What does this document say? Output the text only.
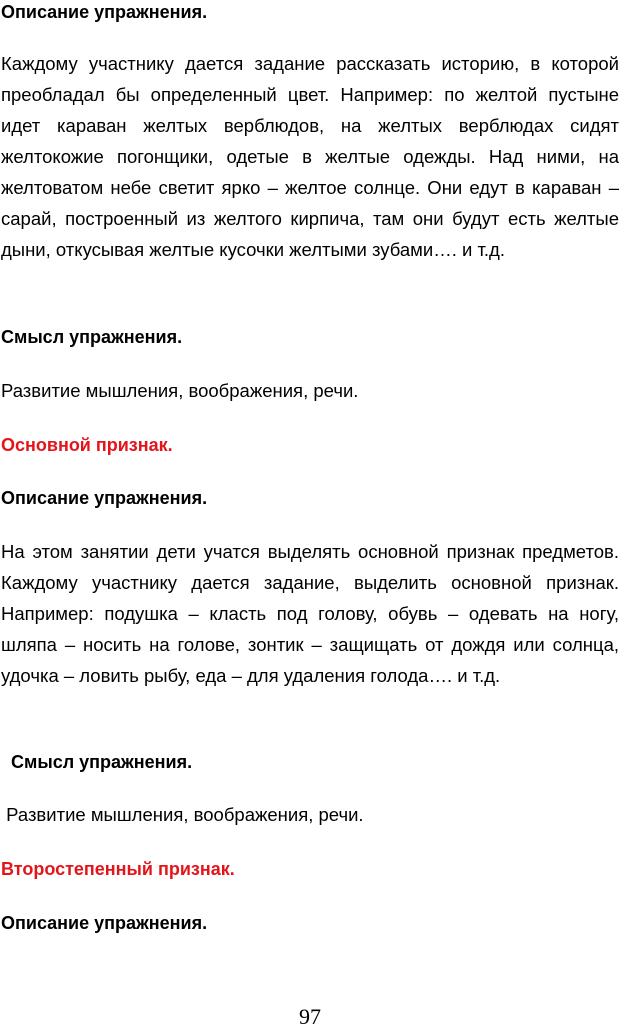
Описание упражнения.

Каждому участнику дается задание рассказать историю, в которой преобладал бы определенный цвет. Например: по желтой пустыне идет караван желтых верблюдов, на желтых верблюдах сидят желтокожие погонщики, одетые в желтые одежды. Над ними, на желтоватом небе светит ярко – желтое солнце. Они едут в караван – сарай, построенный из желтого кирпича, там они будут есть желтые дыни, откусывая желтые кусочки желтыми зубами…. и т.д.

Смысл упражнения.

Развитие мышления, воображения, речи.

Основной признак.

Описание упражнения.

На этом занятии дети учатся выделять основной признак предметов. Каждому участнику дается задание, выделить основной признак. Например: подушка – класть под голову, обувь – одевать на ногу, шляпа – носить на голове, зонтик – защищать от дождя или солнца, удочка – ловить рыбу, еда – для удаления голода…. и т.д.

Смысл упражнения.

Развитие мышления, воображения, речи.

Второстепенный признак.

Описание упражнения.

97
